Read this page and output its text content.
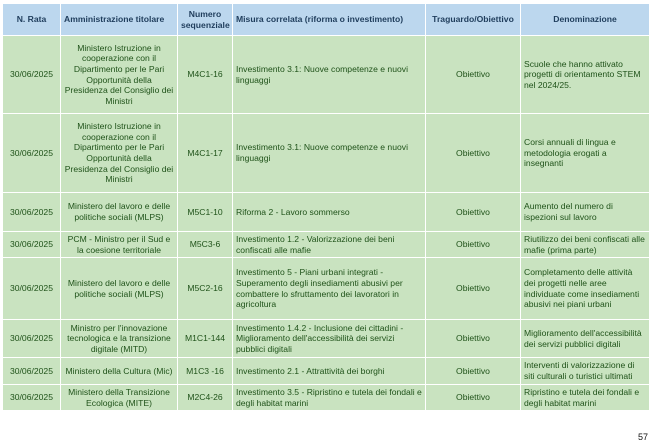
N. Rata	Amministrazione titolare	Numero sequenziale	Misura correlata (riforma o investimento)	Traguardo/Obiettivo	Denominazione
30/06/2025	Ministero Istruzione in cooperazione con il Dipartimento per le Pari Opportunità della Presidenza del Consiglio dei Ministri	M4C1-16	Investimento 3.1: Nuove competenze e nuovi linguaggi	Obiettivo	Scuole che hanno attivato progetti di orientamento STEM nel 2024/25.
30/06/2025	Ministero Istruzione in cooperazione con il Dipartimento per le Pari Opportunità della Presidenza del Consiglio dei Ministri	M4C1-17	Investimento 3.1: Nuove competenze e nuovi linguaggi	Obiettivo	Corsi annuali di lingua e metodologia erogati a insegnanti
30/06/2025	Ministero del lavoro e delle politiche sociali (MLPS)	M5C1-10	Riforma 2 - Lavoro sommerso	Obiettivo	Aumento del numero di ispezioni sul lavoro
30/06/2025	PCM - Ministro per il Sud e la coesione territoriale	M5C3-6	Investimento 1.2 - Valorizzazione dei beni confiscati alle mafie	Obiettivo	Riutilizzo dei beni confiscati alle mafie (prima parte)
30/06/2025	Ministero del lavoro e delle politiche sociali (MLPS)	M5C2-16	Investimento 5 - Piani urbani integrati - Superamento degli insediamenti abusivi per combattere lo sfruttamento dei lavoratori in agricoltura	Obiettivo	Completamento delle attività dei progetti nelle aree individuate come insediamenti abusivi nei piani urbani
30/06/2025	Ministro per l'innovazione tecnologica e la transizione digitale (MITD)	M1C1-144	Investimento 1.4.2 - Inclusione dei cittadini - Miglioramento dell'accessibilità dei servizi pubblici digitali	Obiettivo	Miglioramento dell'accessibilità dei servizi pubblici digitali
30/06/2025	Ministero della Cultura (Mic)	M1C3 -16	Investimento 2.1 - Attrattività dei borghi	Obiettivo	Interventi di valorizzazione di siti culturali o turistici ultimati
30/06/2025	Ministero della Transizione Ecologica (MITE)	M2C4-26	Investimento 3.5 - Ripristino e tutela dei fondali e degli habitat marini	Obiettivo	Ripristino e tutela dei fondali e degli habitat marini
57
